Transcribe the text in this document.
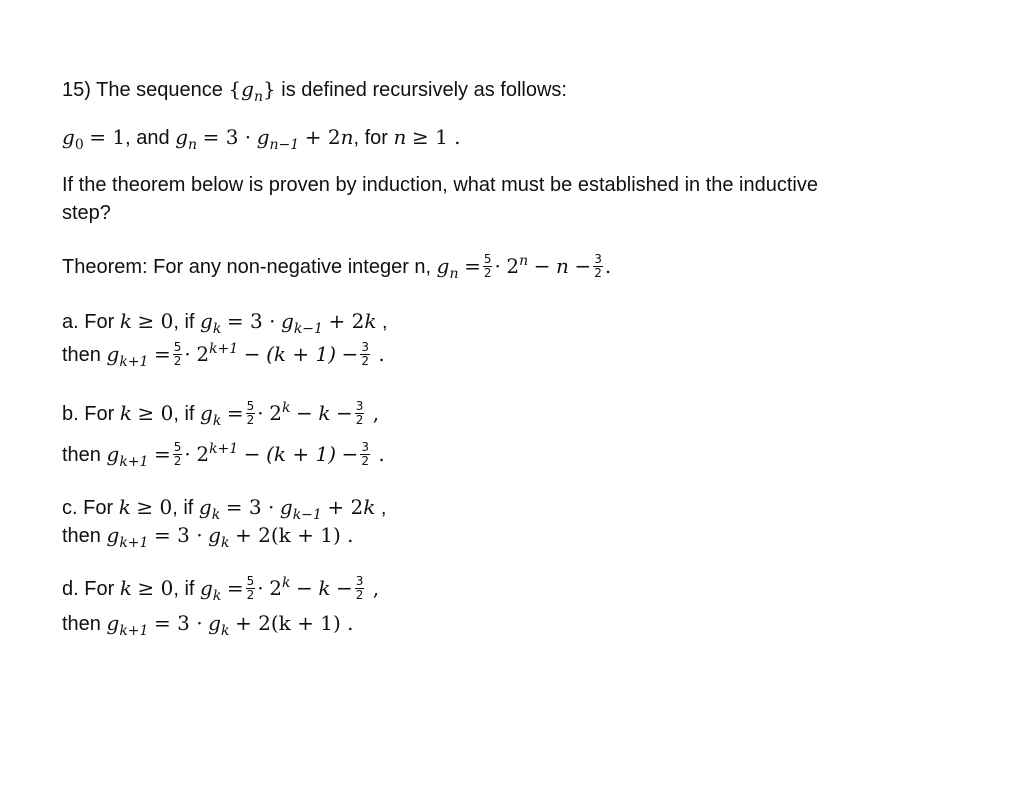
15) The sequence $\{g_n\}$ is defined recursively as follows:
$g_0 = 1$, and $g_n = 3 \cdot g_{n-1} + 2n$, for n ≥ 1 .
If the theorem below is proven by induction, what must be established in the inductive
step?
Theorem: For any non-negative integer n, $g_n = \frac{5}{2} \cdot 2^n - n - \frac{3}{2}$ .
a. For k ≥ 0, if $g_k = 3 \cdot g_{k-1} + 2k$ ,
then $g_{k+1} = \frac{5}{2} \cdot 2^{k+1} - (k + 1) - \frac{3}{2}$ .
b. For k ≥ 0, if $g_k = \frac{5}{2} \cdot 2^k - k - \frac{3}{2}$ ,
then $g_{k+1} = \frac{5}{2} \cdot 2^{k+1} - (k + 1) - \frac{3}{2}$ .
c. For k ≥ 0, if $g_k = 3 \cdot g_{k-1} + 2k$ ,
then $g_{k+1} = 3 \cdot g_k + 2(k + 1)$ .
d. For k ≥ 0, if $g_k = \frac{5}{2} \cdot 2^k - k - \frac{3}{2}$ ,
then $g_{k+1} = 3 \cdot g_k + 2(k + 1)$ .
